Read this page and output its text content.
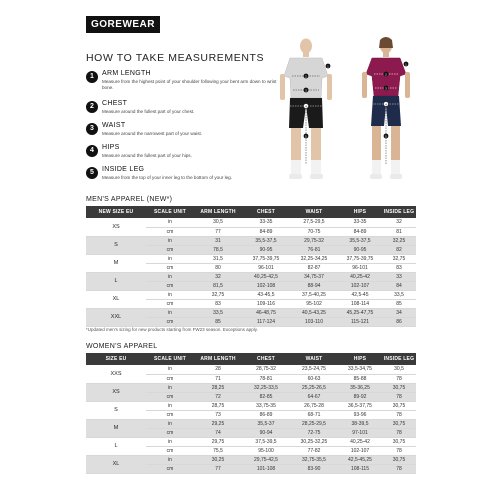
GOREWEAR
HOW TO TAKE MEASUREMENTS
1	ARM LENGTH
Measure from the highest point of your shoulder following your bent arm down to wrist bone.
2	CHEST
Measure around the fullest part of your chest.
3	WAIST
Measure around the narrowest part of your waist.
4	HIPS
Measure around the fullest part of your hips.
5	INSIDE LEG
Measure from the top of your inner leg to the bottom of your leg.
2
3
4
5
1
2
3
4
5
1
MEN'S APPAREL (NEW*)
NEW SIZE EU	SCALE UNIT	ARM LENGTH	CHEST	WAIST	HIPS	INSIDE LEG
XS	in	30,5	33-35	27,5-29,5	33-35	32
	cm	77	84-89	70-75	84-89	81
S	in	31	35,5-37,5	29,75-32	35,5-37,5	32,25
	cm	78,5	90-95	76-81	90-95	82
M	in	31,5	37,75-39,75	32,25-34,25	37,75-39,75	32,75
	cm	80	96-101	82-87	96-101	83
L	in	32	40,25-42,5	34,75-37	40,25-42	33
	cm	81,5	102-108	88-94	102-107	84
XL	in	32,75	43-45,5	37,5-40,25	42,5-45	33,5
	cm	83	109-116	95-102	108-114	85
XXL	in	33,5	46-48,75	40,5-43,25	45,25-47,75	34
	cm	85	117-124	103-110	115-121	86
*Updated men's sizing for new products starting from FW23 season. Exceptions apply.
WOMEN'S APPAREL
SIZE EU	SCALE UNIT	ARM LENGTH	CHEST	WAIST	HIPS	INSIDE LEG
XXS	in	28	28,75-32	23,5-24,75	33,5-34,75	30,5
	cm	71	78-81	60-63	85-88	78
XS	in	28,25	32,25-33,5	25,25-26,5	35-36,25	30,75
	cm	72	82-85	64-67	89-92	78
S	in	28,75	33,75-35	26,75-28	36,5-37,75	30,75
	cm	73	86-89	68-71	93-96	78
M	in	29,25	35,5-37	28,25-29,5	38-39,5	30,75
	cm	74	90-94	72-75	97-101	78
L	in	29,75	37,5-39,5	30,25-32,25	40,25-42	30,75
	cm	75,5	95-100	77-82	102-107	78
XL	in	30,25	29,75-42,5	32,75-35,5	42,5-45,25	30,75
	cm	77	101-108	83-90	108-115	78
